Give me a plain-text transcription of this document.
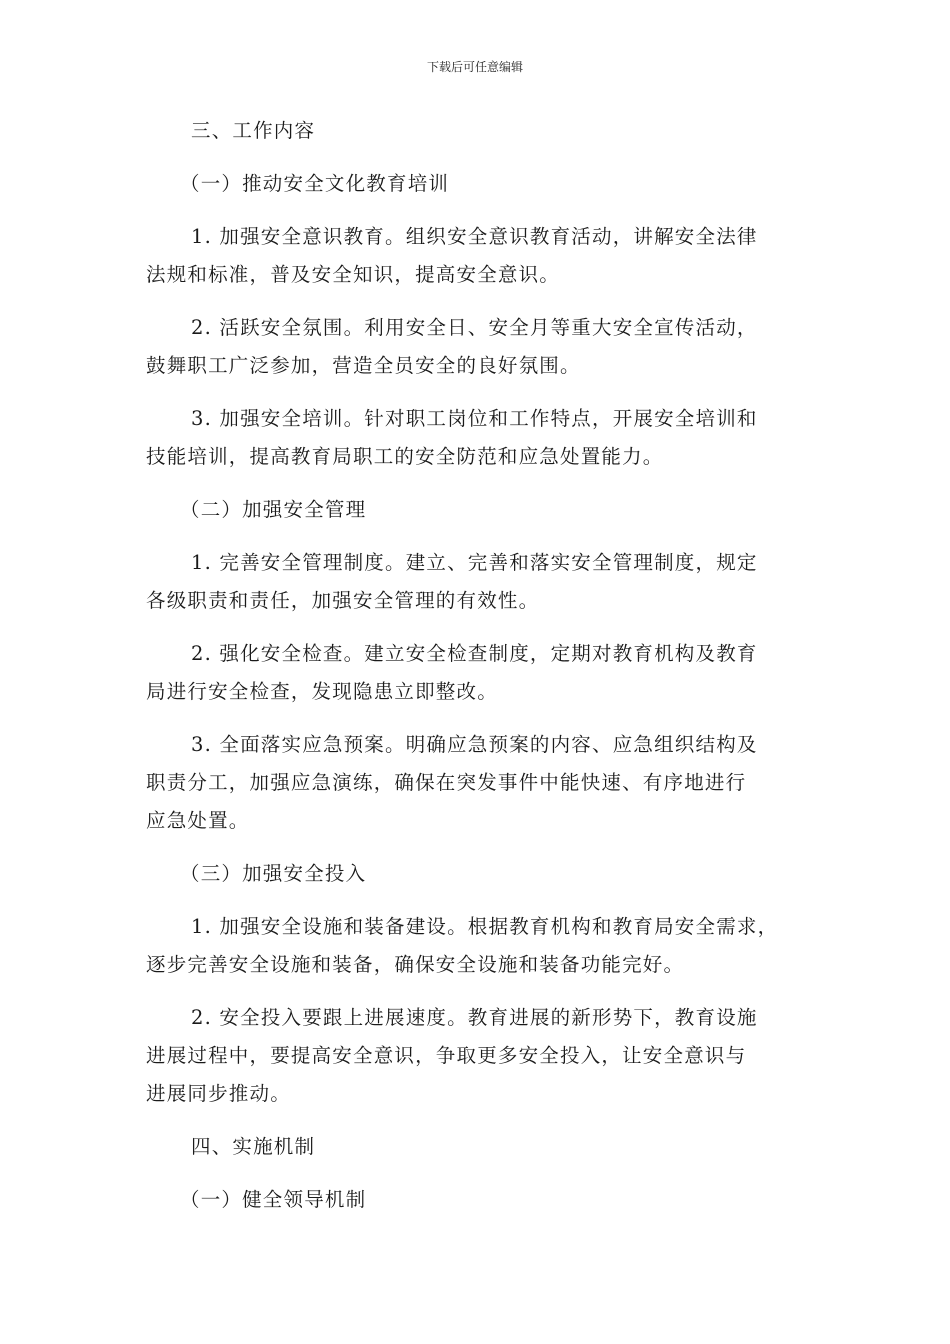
下载后可任意编辑

三、工作内容

（一）推动安全文化教育培训

1. 加强安全意识教育。组织安全意识教育活动，讲解安全法律

法规和标准，普及安全知识，提高安全意识。

2. 活跃安全氛围。利用安全日、安全月等重大安全宣传活动，

鼓舞职工广泛参加，营造全员安全的良好氛围。

3. 加强安全培训。针对职工岗位和工作特点，开展安全培训和

技能培训，提高教育局职工的安全防范和应急处置能力。

（二）加强安全管理

1. 完善安全管理制度。建立、完善和落实安全管理制度，规定

各级职责和责任，加强安全管理的有效性。

2. 强化安全检查。建立安全检查制度，定期对教育机构及教育

局进行安全检查，发现隐患立即整改。

3. 全面落实应急预案。明确应急预案的内容、应急组织结构及

职责分工，加强应急演练，确保在突发事件中能快速、有序地进行

应急处置。

（三）加强安全投入

1. 加强安全设施和装备建设。根据教育机构和教育局安全需求，

逐步完善安全设施和装备，确保安全设施和装备功能完好。

2. 安全投入要跟上进展速度。教育进展的新形势下，教育设施

进展过程中，要提高安全意识，争取更多安全投入，让安全意识与

进展同步推动。

四、实施机制

（一）健全领导机制
